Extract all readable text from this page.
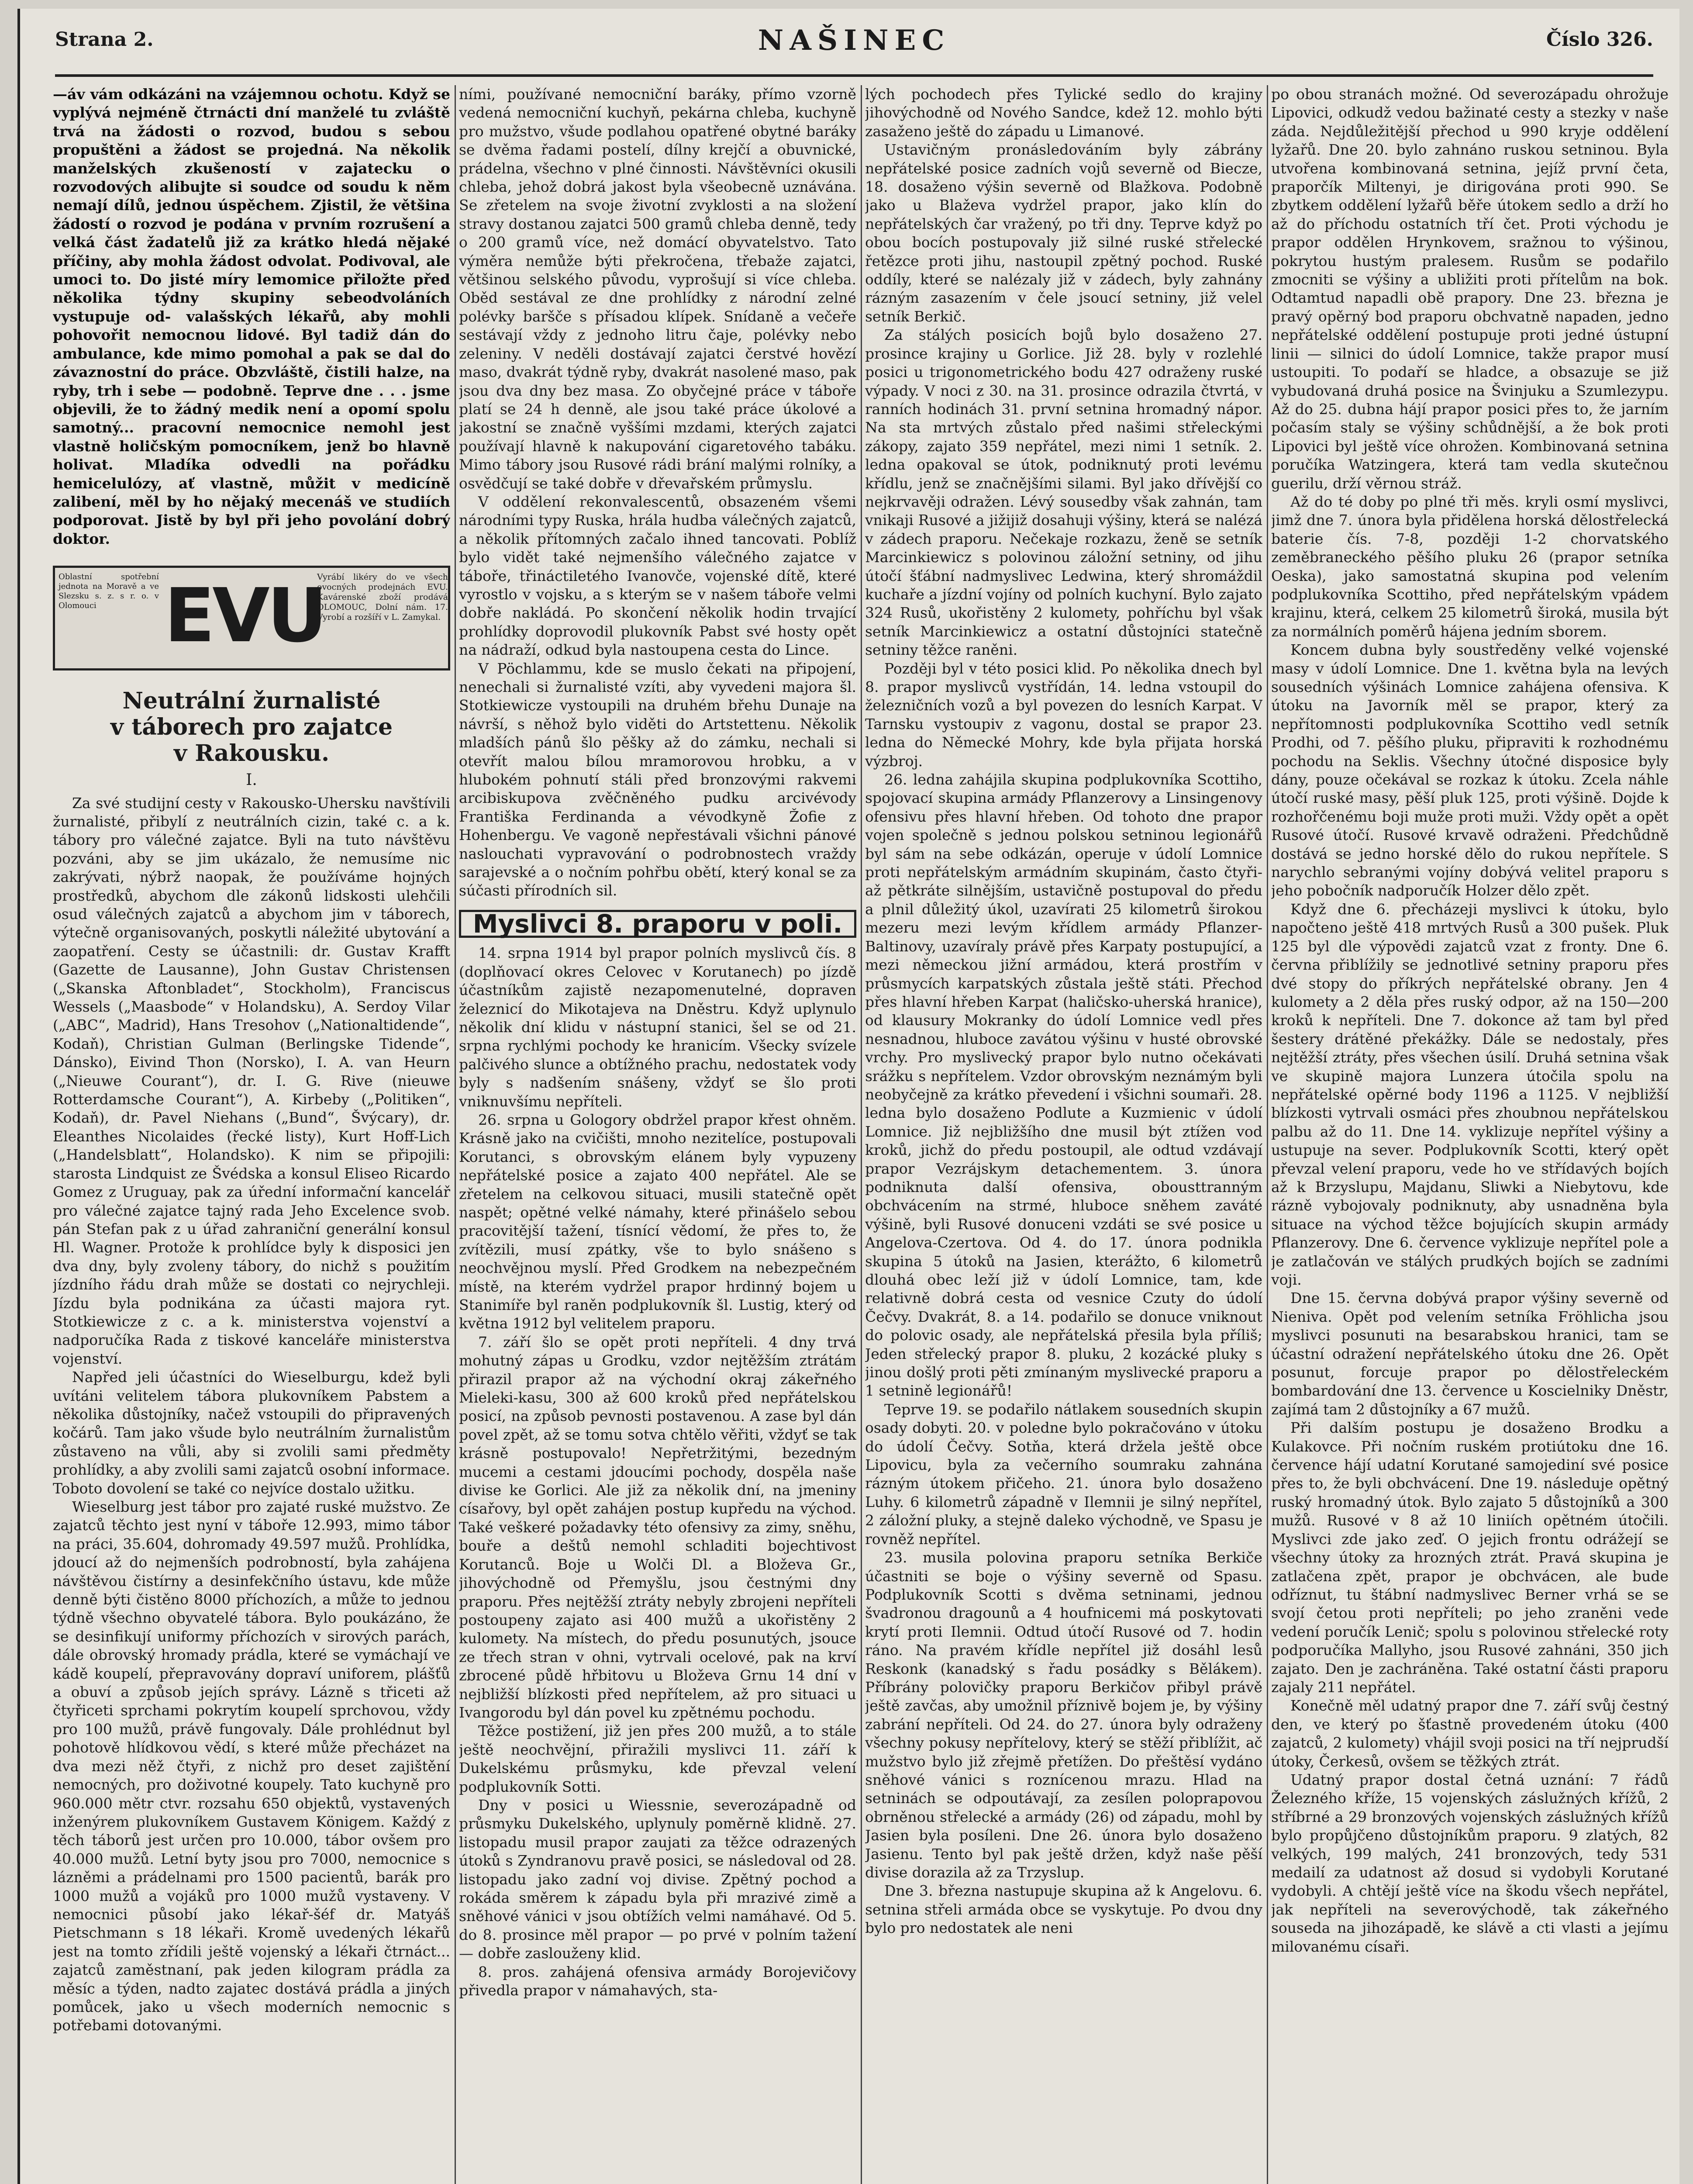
Strana 2.	NAŠINEC	Číslo 326.

—áv vám odkázáni na vzájemnou ochotu. Když se vyplývá nejméně čtrnácti dní manželé tu zvláště trvá na žádosti o rozvod, budou s sebou propuštěni a žádost se projedná. Na několik manželských zkušeností v zajatecku o rozvodových alibujte si soudce od soudu k něm nemají dílů, jednou úspěchem. Zjistil, že většina žádostí o rozvod je podána v prvním rozrušení a velká část žadatelů již za krátko hledá nějaké příčiny, aby mohla žádost odvolat. Podivoval, ale umoci to. Do jisté míry lemomice přiložte před několika týdny skupiny sebeodvoláních vystupuje od- valašských lékařů, aby mohli pohovořit nemocnou lidové. Byl tadiž dán do ambulance, kde mimo pomohal a pak se dal do závaznostní do práce. Obzvláště, čistili halze, na ryby, trh i sebe — podobně. Teprve dne . . . jsme objevili, že to žádný medik není a opomí spolu samotný... pracovní nemocnice nemohl jest vlastně holičským pomocníkem, jenž bo hlavně holivat. Mladíka odvedli na pořádku hemicelulózy, ať vlastně, můžit v medicíně zalibení, měl by ho nějaký mecenáš ve studiích podporovat. Jistě by byl při jeho povolání dobrý doktor.

Oblastní spotřební jednota na Moravě a ve Slezsku s. z. s r. o. v Olomouci EVU
Vyrábí likéry do ve všech ovocných prodejnách EVU. Kavárenské zboží prodává OLOMOUC, Dolní nám. 17. Vyrobí a rozšíří v L. Zamykal.
Neutrální žurnalisté
v táborech pro zajatce
v Rakousku.
I.

Za své studijní cesty v Rakousko-Uhersku navštívili žurnalisté, přibylí z neutrálních cizin, také c. a k. tábory pro válečné zajatce. Byli na tuto návštěvu pozváni, aby se jim ukázalo, že nemusíme nic zakrývati, nýbrž naopak, že používáme hojných prostředků, abychom dle zákonů lidskosti ulehčili osud válečných zajatců a abychom jim v táborech, výtečně organisovaných, poskytli náležité ubytování a zaopatření. Cesty se účastnili: dr. Gustav Krafft (Gazette de Lausanne), John Gustav Christensen („Skanska Aftonbladet“, Stockholm), Franciscus Wessels („Maasbode“ v Holandsku), A. Serdoy Vilar („ABC“, Madrid), Hans Tresohov („Nationaltidende“, Kodaň), Christian Gulman (Berlingske Tidende“, Dánsko), Eivind Thon (Norsko), I. A. van Heurn („Nieuwe Courant“), dr. I. G. Rive (nieuwe Rotterdamsche Courant“), A. Kirbeby („Politiken“, Kodaň), dr. Pavel Niehans („Bund“, Švýcary), dr. Eleanthes Nicolaides (řecké listy), Kurt Hoff-Lich („Handelsblatt“, Holandsko). K nim se připojili: starosta Lindquist ze Švédska a konsul Eliseo Ricardo Gomez z Uruguay, pak za úřední informační kancelář pro válečné zajatce tajný rada Jeho Excelence svob. pán Stefan pak z u úřad zahraniční generální konsul Hl. Wagner. Protože k prohlídce byly k disposici jen dva dny, byly zvoleny tábory, do nichž s použitím jízdního řádu drah může se dostati co nejrychleji. Jízdu byla podnikána za účasti majora ryt. Stotkiewicze z c. a k. ministerstva vojenství a nadporučíka Rada z tiskové kanceláře ministerstva vojenství.

Napřed jeli účastníci do Wieselburgu, kdež byli uvítáni velitelem tábora plukovníkem Pabstem a několika důstojníky, načež vstoupili do připravených kočárů. Tam jako všude bylo neutrálním žurnalistům zůstaveno na vůli, aby si zvolili sami předměty prohlídky, a aby zvolili sami zajatců osobní informace. Toboto dovolení se také co nejvíce dostalo užitku.

Wieselburg jest tábor pro zajaté ruské mužstvo. Ze zajatců těchto jest nyní v táboře 12.993, mimo tábor na práci, 35.604, dohromady 49.597 mužů. Prohlídka, jdoucí až do nejmenších podrobností, byla zahájena návštěvou čistírny a desinfekčního ústavu, kde může denně býti čistěno 8000 příchozích, a může to jednou týdně všechno obyvatelé tábora. Bylo poukázáno, že se desinfikují uniformy příchozích v sirových parách, dále obrovský hromady prádla, které se vymáchají ve kádě koupelí, přepravovány dopraví uniforem, plášťů a obuví a způsob jejích správy. Lázně s třiceti až čtyřiceti sprchami pokrytím koupelí sprchovou, vždy pro 100 mužů, právě fungovaly. Dále prohlédnut byl pohotově hlídkovou vědí, s které může přecházet na dva mezi něž čtyři, z nichž pro deset zajištění nemocných, pro doživotné koupely. Tato kuchyně pro 960.000 mětr ctvr. rozsahu 650 objektů, vystavených inženýrem plukovníkem Gustavem Königem. Každý z těch táborů jest určen pro 10.000, tábor ovšem pro 40.000 mužů. Letní byty jsou pro 7000, nemocnice s lázněmi a prádelnami pro 1500 pacientů, barák pro 1000 mužů a vojáků pro 1000 mužů vystaveny. V nemocnici působí jako lékař-šéf dr. Matyáš Pietschmann s 18 lékaři. Kromě uvedených lékařů jest na tomto zřídili ještě vojenský a lékaři čtrnáct... zajatců zaměstnaní, pak jeden kilogram prádla za měsíc a týden, nadto zajatec dostává prádla a jiných pomůcek, jako u všech moderních nemocnic s potřebami dotovanými.

ními, používané nemocniční baráky, přímo vzorně vedená nemocniční kuchyň, pekárna chleba, kuchyně pro mužstvo, všude podlahou opatřené obytné baráky se dvěma řadami postelí, dílny krejčí a obuvnické, prádelna, všechno v plné činnosti. Návštěvníci okusili chleba, jehož dobrá jakost byla všeobecně uznávána. Se zřetelem na svoje životní zvyklosti a na složení stravy dostanou zajatci 500 gramů chleba denně, tedy o 200 gramů více, než domácí obyvatelstvo. Tato výměra nemůže býti překročena, třebaže zajatci, většinou selského původu, vyprošují si více chleba. Oběd sestával ze dne prohlídky z národní zelné polévky baršče s přísadou klípek. Snídaně a večeře sestávají vždy z jednoho litru čaje, polévky nebo zeleniny. V neděli dostávají zajatci čerstvé hovězí maso, dvakrát týdně ryby, dvakrát nasolené maso, pak jsou dva dny bez masa. Zo obyčejné práce v táboře platí se 24 h denně, ale jsou také práce úkolové a jakostní se značně vyššími mzdami, kterých zajatci používají hlavně k nakupování cigaretového tabáku. Mimo tábory jsou Rusové rádi brání malými rolníky, a osvědčují se také dobře v dřevařském průmyslu.

V oddělení rekonvalescentů, obsazeném všemi národními typy Ruska, hrála hudba válečných zajatců, a několik přítomných začalo ihned tancovati. Poblíž bylo vidět také nejmenšího válečného zajatce v táboře, třináctiletého Ivanovče, vojenské dítě, které vyrostlo v vojsku, a s kterým se v našem táboře velmi dobře nakládá. Po skončení několik hodin trvající prohlídky doprovodil plukovník Pabst své hosty opět na nádraží, odkud byla nastoupena cesta do Lince.

V Pöchlammu, kde se muslo čekati na připojení, nenechali si žurnalisté vzíti, aby vyvedeni majora šl. Stotkiewicze vystoupili na druhém břehu Dunaje na návrší, s něhož bylo viděti do Artstettenu. Několik mladších pánů šlo pěšky až do zámku, nechali si otevřít malou bílou mramorovou hrobku, a v hlubokém pohnutí stáli před bronzovými rakvemi arcibiskupova zvěčněného pudku arcivévody Františka Ferdinanda a vévodkyně Žofie z Hohenbergu. Ve vagoně nepřestávali všichni pánové naslouchati vypravování o podrobnostech vraždy sarajevské a o nočním pohřbu obětí, který konal se za súčasti přírodních sil.

Myslivci 8. praporu v poli.

14. srpna 1914 byl prapor polních myslivců čís. 8 (doplňovací okres Celovec v Korutanech) po jízdě účastníkům zajistě nezapomenutelné, dopraven železnicí do Mikotajeva na Dněstru. Když uplynulo několik dní klidu v nástupní stanici, šel se od 21. srpna rychlými pochody ke hranicím. Všecky svízele palčivého slunce a obtížného prachu, nedostatek vody byly s nadšením snášeny, vždyť se šlo proti vniknuvšímu nepříteli.

26. srpna u Gologory obdržel prapor křest ohněm. Krásně jako na cvičišti, mnoho nezitelíce, postupovali Korutanci, s obrovským elánem byly vypuzeny nepřátelské posice a zajato 400 nepřátel. Ale se zřetelem na celkovou situaci, musili statečně opět naspět; opětné velké námahy, které přinášelo sebou pracovitější tažení, tísnící vědomí, že přes to, že zvítězili, musí zpátky, vše to bylo snášeno s neochvějnou myslí. Před Grodkem na nebezpečném místě, na kterém vydržel prapor hrdinný bojem u Stanimíře byl raněn podplukovník šl. Lustig, který od května 1912 byl velitelem praporu.

7. září šlo se opět proti nepříteli. 4 dny trvá mohutný zápas u Grodku, vzdor nejtěžším ztrátám přirazil prapor až na východní okraj zákeřného Mieleki-kasu, 300 až 600 kroků před nepřátelskou posicí, na způsob pevnosti postavenou. A zase byl dán povel zpět, až se tomu sotva chtělo věřiti, vždyť se tak krásně postupovalo! Nepřetržitými, bezedným mucemi a cestami jdoucími pochody, dospěla naše divise ke Gorlici. Ale již za několik dní, na jmeniny císařovy, byl opět zahájen postup kupředu na východ. Také veškeré požadavky této ofensivy za zimy, sněhu, bouře a deštů nemohl schladiti bojechtivost Korutanců. Boje u Wolči Dl. a Bloževa Gr., jihovýchodně od Přemyšlu, jsou čestnými dny praporu. Přes nejtěžší ztráty nebyly zbrojeni nepříteli postoupeny zajato asi 400 mužů a ukořistěny 2 kulomety. Na místech, do předu posunutých, jsouce ze třech stran v ohni, vytrvali ocelové, pak na krví zbrocené půdě hřbitovu u Bloževa Grnu 14 dní v nejbližší blízkosti před nepřítelem, až pro situaci u Ivangorodu byl dán povel ku zpětnému pochodu.

Těžce postižení, již jen přes 200 mužů, a to stále ještě neochvějní, přiražili myslivci 11. září k Dukelskému průsmyku, kde převzal velení podplukovník Sotti.

Dny v posici u Wiessnie, severozápadně od průsmyku Dukelského, uplynuly poměrně klidně. 27. listopadu musil prapor zaujati za těžce odrazených útoků s Zyndranovu pravě posici, se následoval od 28. listopadu jako zadní voj divise. Zpětný pochod a rokáda směrem k západu byla při mrazivé zimě a sněhové vánici v jsou obtížích velmi namáhavé. Od 5. do 8. prosince měl prapor — po prvé v polním tažení — dobře zaslouženy klid.

8. pros. zahájená ofensiva armády Borojevičovy přivedla prapor v námahavých, sta-

lých pochodech přes Tylické sedlo do krajiny jihovýchodně od Nového Sandce, kdež 12. mohlo býti zasaženo ještě do západu u Limanové.

Ustavičným pronásledováním byly zábrány nepřátelské posice zadních vojů severně od Biecze, 18. dosaženo výšin severně od Blažkova. Podobně jako u Blaževa vydržel prapor, jako klín do nepřátelských čar vražený, po tři dny. Teprve když po obou bocích postupovaly již silné ruské střelecké řetězce proti jihu, nastoupil zpětný pochod. Ruské oddíly, které se nalézaly již v zádech, byly zahnány rázným zasazením v čele jsoucí setniny, již velel setník Berkič.

Za stálých posicích bojů bylo dosaženo 27. prosince krajiny u Gorlice. Již 28. byly v rozlehlé posici u trigonometrického bodu 427 odraženy ruské výpady. V noci z 30. na 31. prosince odrazila čtvrtá, v ranních hodinách 31. první setnina hromadný nápor. Na sta mrtvých zůstalo před našimi střeleckými zákopy, zajato 359 nepřátel, mezi nimi 1 setník. 2. ledna opakoval se útok, podniknutý proti levému křídlu, jenž se značnějšími silami. Byl jako dřívější co nejkrvavěji odražen. Lévý sousedby však zahnán, tam vnikaji Rusové a jižijiž dosahuji výšiny, která se nalézá v zádech praporu. Nečekaje rozkazu, ženě se setník Marcinkiewicz s polovinou záložní setniny, od jihu útočí šťábní nadmyslivec Ledwina, který shromáždil kuchaře a jízdní vojíny od polních kuchyní. Bylo zajato 324 Rusů, ukořistěny 2 kulomety, pohříchu byl však setník Marcinkiewicz a ostatní důstojníci statečně setniny těžce raněni.

Později byl v této posici klid. Po několika dnech byl 8. prapor myslivců vystřídán, 14. ledna vstoupil do železničních vozů a byl povezen do lesních Karpat. V Tarnsku vystoupiv z vagonu, dostal se prapor 23. ledna do Německé Mohry, kde byla přijata horská výzbroj.

26. ledna zahájila skupina podplukovníka Scottiho, spojovací skupina armády Pflanzerovy a Linsingenovy ofensivu přes hlavní hřeben. Od tohoto dne prapor vojen společně s jednou polskou setninou legionářů byl sám na sebe odkázán, operuje v údolí Lomnice proti nepřátelským armádním skupinám, často čtyři- až pětkráte silnějším, ustavičně postupoval do předu a plnil důležitý úkol, uzavírati 25 kilometrů širokou mezeru mezi levým křídlem armády Pflanzer-Baltinovy, uzavíraly právě přes Karpaty postupující, a mezi německou jižní armádou, která prostřím v průsmycích karpatských zůstala ještě státi. Přechod přes hlavní hřeben Karpat (haličsko-uherská hranice), od klausury Mokranky do údolí Lomnice vedl přes nesnadnou, hluboce zavátou výšinu v husté obrovské vrchy. Pro myslivecký prapor bylo nutno očekávati srážku s nepřítelem. Vzdor obrovským neznámým byli neobyčejně za krátko převedení i všichni soumaři. 28. ledna bylo dosaženo Podlute a Kuzmienic v údolí Lomnice. Již nejbližšího dne musil být ztížen vod kroků, jichž do předu postoupil, ale odtud vzdávají prapor Vezrájskym detachementem. 3. února podniknuta další ofensiva, obousttranným obchvácením na strmé, hluboce sněhem zaváté výšině, byli Rusové donuceni vzdáti se své posice u Angelova-Czertova. Od 4. do 17. února podnikla skupina 5 útoků na Jasien, kterážto, 6 kilometrů dlouhá obec leží již v údolí Lomnice, tam, kde relativně dobrá cesta od vesnice Czuty do údolí Čečvy. Dvakrát, 8. a 14. podařilo se donuce vniknout do polovic osady, ale nepřátelská přesila byla příliš; Jeden střelecký prapor 8. pluku, 2 kozácké pluky s jinou došlý proti pěti zmínaným myslivecké praporu a 1 setnině legionářů!

Teprve 19. se podařilo nátlakem sousedních skupin osady dobyti. 20. v poledne bylo pokračováno v útoku do údolí Čečvy. Sotňa, která držela ještě obce Lipovicu, byla za večerního soumraku zahnána rázným útokem přičeho. 21. února bylo dosaženo Luhy. 6 kilometrů západně v Ilemnii je silný nepřítel, 2 záložní pluky, a stejně daleko východně, ve Spasu je rovněž nepřítel.

23. musila polovina praporu setníka Berkiče účastniti se boje o výšiny severně od Spasu. Podplukovník Scotti s dvěma setninami, jednou švadronou dragounů a 4 houfnicemi má poskytovati krytí proti Ilemnii. Odtud útočí Rusové od 7. hodin ráno. Na pravém křídle nepřítel již dosáhl lesů Reskonk (kanadský s řadu posádky s Bělákem). Příbrány polovičky praporu Berkičov přibyl právě ještě zavčas, aby umožnil příznivě bojem je, by výšiny zabrání nepříteli. Od 24. do 27. února byly odraženy všechny pokusy nepřítelovy, který se stěží přiblížit, ač mužstvo bylo již zřejmě přetížen. Do přeštěsí vydáno sněhové vánici s roznícenou mrazu. Hlad na setninách se odpoutávají, za zesílen poloprapovou obrněnou střelecké a armády (26) od západu, mohl by Jasien byla posíleni. Dne 26. února bylo dosaženo Jasienu. Tento byl pak ještě držen, když naše pěší divise dorazila až za Trzyslup.

Dne 3. března nastupuje skupina až k Angelovu. 6. setnina střeli armáda obce se vyskytuje. Po dvou dny bylo pro nedostatek ale neni

po obou stranách možné. Od severozápadu ohrožuje Lipovici, odkudž vedou bažinaté cesty a stezky v naše záda. Nejdůležitější přechod u 990 kryje oddělení lyžařů. Dne 20. bylo zahnáno ruskou setninou. Byla utvořena kombinovaná setnina, jejíž první četa, praporčík Miltenyi, je dirigována proti 990. Se zbytkem oddělení lyžařů běře útokem sedlo a drží ho až do příchodu ostatních tří čet. Proti východu je prapor oddělen Hrynkovem, sražnou to výšinou, pokrytou hustým pralesem. Rusům se podařilo zmocniti se výšiny a ubližiti proti přítelům na bok. Odtamtud napadli obě prapory. Dne 23. března je pravý opěrný bod praporu obchvatně napaden, jedno nepřátelské oddělení postupuje proti jedné ústupní linii — silnici do údolí Lomnice, takže prapor musí ustoupiti. To podaří se hladce, a obsazuje se již vybudovaná druhá posice na Švinjuku a Szumlezypu. Až do 25. dubna hájí prapor posici přes to, že jarním počasím staly se výšiny schůdnější, a že bok proti Lipovici byl ještě více ohrožen. Kombinovaná setnina poručíka Watzingera, která tam vedla skutečnou guerilu, drží věrnou stráž.

Až do té doby po plné tři měs. kryli osmí myslivci, jimž dne 7. února byla přidělena horská dělostřelecká baterie čís. 7-8, později 1-2 chorvatského zeměbraneckého pěšího pluku 26 (prapor setníka Oeska), jako samostatná skupina pod velením podplukovníka Scottiho, před nepřátelským vpádem krajinu, která, celkem 25 kilometrů široká, musila být za normálních poměrů hájena jedním sborem.

Koncem dubna byly soustředěny velké vojenské masy v údolí Lomnice. Dne 1. května byla na levých sousedních výšinách Lomnice zahájena ofensiva. K útoku na Javorník měl se prapor, který za nepřítomnosti podplukovníka Scottiho vedl setník Prodhi, od 7. pěšího pluku, připraviti k rozhodnému pochodu na Seklis. Všechny útočné disposice byly dány, pouze očekával se rozkaz k útoku. Zcela náhle útočí ruské masy, pěší pluk 125, proti výšině. Dojde k rozhořčenému boji muže proti muži. Vždy opět a opět Rusové útočí. Rusové krvavě odraženi. Předchůdně dostává se jedno horské dělo do rukou nepřítele. S narychlo sebranými vojíny dobývá velitel praporu s jeho pobočník nadporučík Holzer dělo zpět.

Když dne 6. přecházeji myslivci k útoku, bylo napočteno ještě 418 mrtvých Rusů a 300 pušek. Pluk 125 byl dle výpovědi zajatců vzat z fronty. Dne 6. června přiblížily se jednotlivé setniny praporu přes dvé stopy do příkrých nepřátelské obrany. Jen 4 kulomety a 2 děla přes ruský odpor, až na 150—200 kroků k nepříteli. Dne 7. dokonce až tam byl před šestery drátěné překážky. Dále se nedostaly, přes nejtěžší ztráty, přes všechen úsilí. Druhá setnina však ve skupině majora Lunzera útočila spolu na nepřátelské opěrné body 1196 a 1125. V nejbližší blízkosti vytrvali osmáci přes zhoubnou nepřátelskou palbu až do 11. Dne 14. vyklizuje nepřítel výšiny a ustupuje na sever. Podplukovník Scotti, který opět převzal velení praporu, vede ho ve střídavých bojích až k Brzyslupu, Majdanu, Sliwki a Niebytovu, kde rázně vybojovaly podniknuty, aby usnadněna byla situace na východ těžce bojujících skupin armády Pflanzerovy. Dne 6. července vyklizuje nepřítel pole a je zatlačován ve stálých prudkých bojích se zadními voji.

Dne 15. června dobývá prapor výšiny severně od Nieniva. Opět pod velením setníka Fröhlicha jsou myslivci posunuti na besarabskou hranici, tam se účastní odražení nepřátelského útoku dne 26. Opět posunut, forcuje prapor po dělostřeleckém bombardování dne 13. července u Koscielniky Dněstr, zajímá tam 2 důstojníky a 67 mužů.

Při dalším postupu je dosaženo Brodku a Kulakovce. Při nočním ruském protiútoku dne 16. července hájí udatní Korutané samojediní své posice přes to, že byli obchvácení. Dne 19. následuje opětný ruský hromadný útok. Bylo zajato 5 důstojníků a 300 mužů. Rusové v 8 až 10 liniích opětném útočili. Myslivci zde jako zeď. O jejich frontu odrážejí se všechny útoky za hrozných ztrát. Pravá skupina je zatlačena zpět, prapor je obchvácen, ale bude odříznut, tu štábní nadmyslivec Berner vrhá se se svojí četou proti nepříteli; po jeho zraněni vede vedení poručík Lenič; spolu s polovinou střelecké roty podporučíka Mallyho, jsou Rusové zahnáni, 350 jich zajato. Den je zachráněna. Také ostatní části praporu zajaly 211 nepřátel.

Konečně měl udatný prapor dne 7. září svůj čestný den, ve který po šťastně provedeném útoku (400 zajatců, 2 kulomety) vhájil svoji posici na tří nejprudší útoky, Čerkesů, ovšem se těžkých ztrát.

Udatný prapor dostal četná uznání: 7 řádů Železného kříže, 15 vojenských záslužných křížů, 2 stříbrné a 29 bronzových vojenských záslužných křížů bylo propůjčeno důstojníkům praporu. 9 zlatých, 82 velkých, 199 malých, 241 bronzových, tedy 531 medailí za udatnost až dosud si vydobyli Korutané vydobyli. A chtějí ještě více na škodu všech nepřátel, jak nepříteli na severovýchodě, tak zákeřného souseda na jihozápadě, ke slávě a cti vlasti a jejímu milovanému císaři.
